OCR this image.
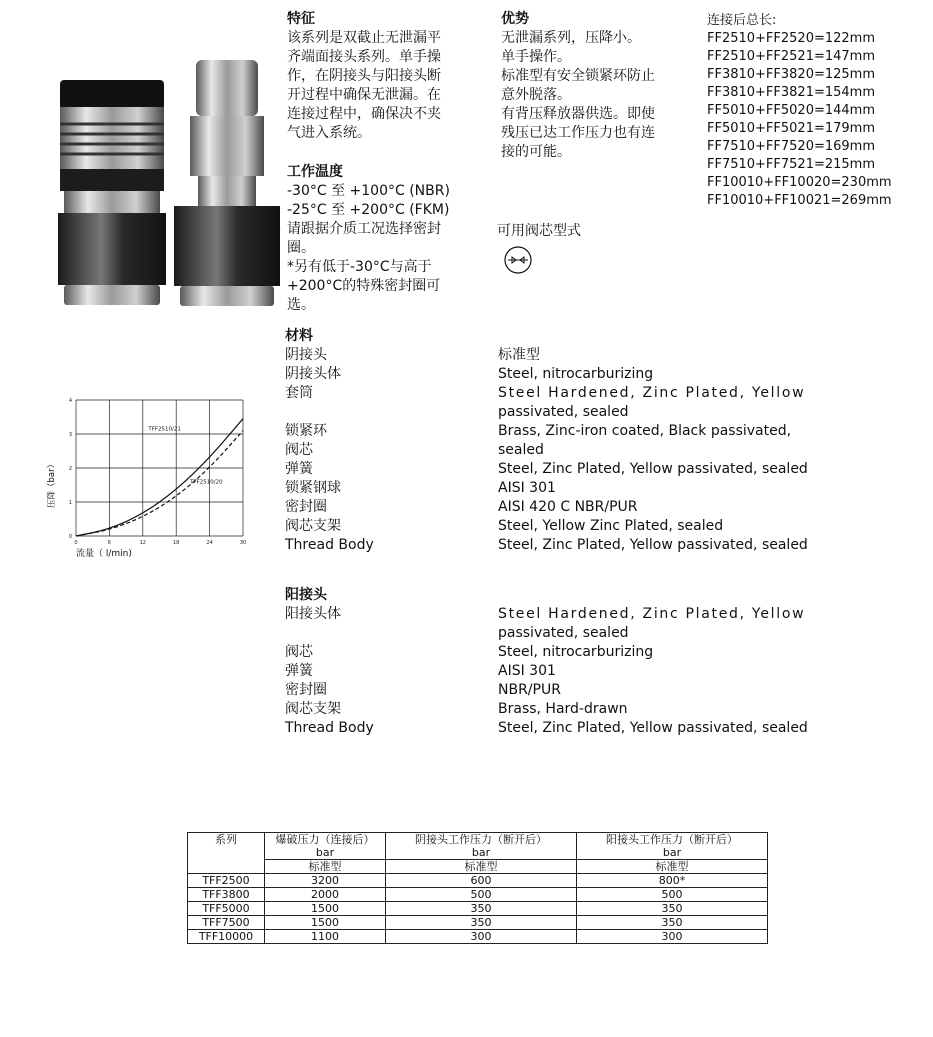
特征
该系列是双截止无泄漏平
齐端面接头系列。单手操
作，在阴接头与阳接头断
开过程中确保无泄漏。在
连接过程中，确保决不夹
气进入系统。
工作温度
-30°C 至 +100°C (NBR)
-25°C 至 +200°C (FKM)
请跟据介质工况选择密封
圈。
*另有低于-30°C与高于
+200°C的特殊密封圈可
选。
优势
无泄漏系列，压降小。
单手操作。
标准型有安全锁紧环防止
意外脱落。
有背压释放器供选。即使
残压已达工作压力也有连
接的可能。
连接后总长:
FF2510+FF2520=122mm
FF2510+FF2521=147mm
FF3810+FF3820=125mm
FF3810+FF3821=154mm
FF5010+FF5020=144mm
FF5010+FF5021=179mm
FF7510+FF7520=169mm
FF7510+FF7521=215mm
FF10010+FF10020=230mm
FF10010+FF10021=269mm
可用阀芯型式
材料
阴接头	标准型
阴接头体	Steel, nitrocarburizing
套筒	Steel Hardened, Zinc Plated, Yellow
passivated, sealed
锁紧环	Brass, Zinc-iron coated, Black passivated,
sealed
阀芯
弹簧	Steel, Zinc Plated, Yellow passivated, sealed
锁紧钢球	AISI 301
密封圈	AISI 420 C NBR/PUR
阀芯支架	Steel, Yellow Zinc Plated, sealed
Thread Body	Steel, Zinc Plated, Yellow passivated, sealed
阳接头
阳接头体	Steel Hardened, Zinc Plated, Yellow
passivated, sealed
阀芯	Steel, nitrocarburizing
弹簧	AISI 301
密封圈	NBR/PUR
阀芯支架	Brass, Hard-drawn
Thread Body	Steel, Zinc Plated, Yellow passivated, sealed
0	6	12	18	24	30
0
1
2
3
4
TFF2510/21
TFF2510/20
压降（bar）
流量（ l/min)
系列	爆破压力（连接后）	阴接头工作压力（断开后）	阳接头工作压力（断开后）
	bar	bar	bar
	标准型	标准型	标准型
TFF2500	3200	600	800*
TFF3800	2000	500	500
TFF5000	1500	350	350
TFF7500	1500	350	350
TFF10000	1100	300	300
